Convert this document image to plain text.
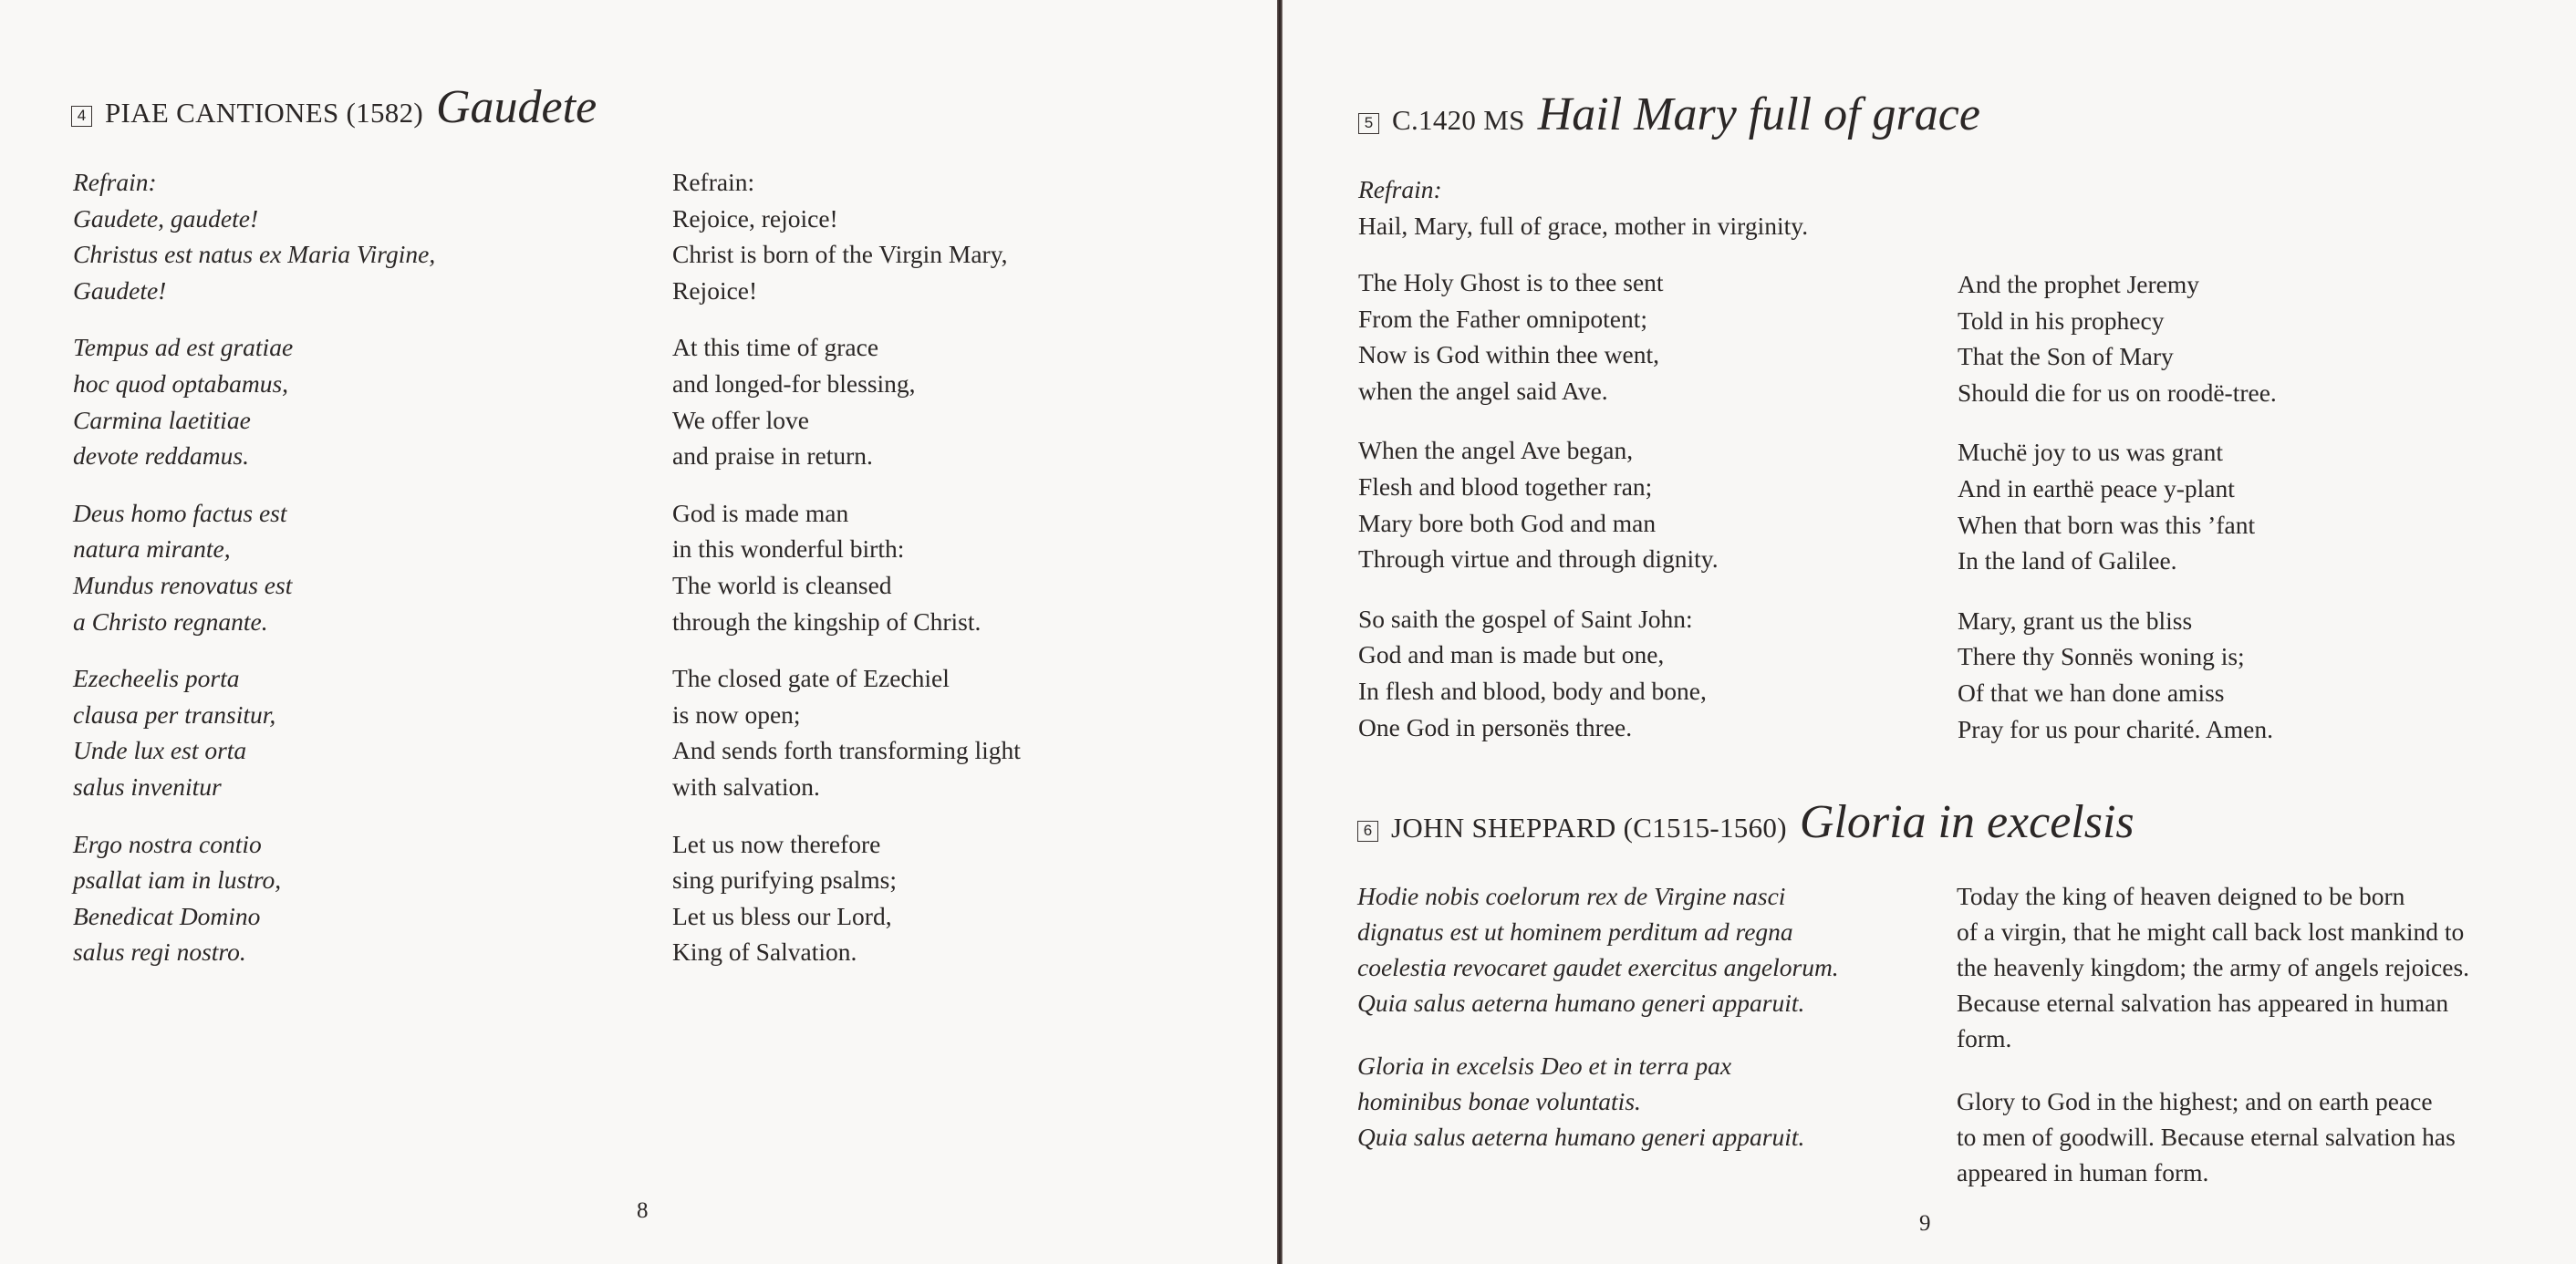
4 PIAE CANTIONES (1582) Gaudete
Refrain:
Gaudete, gaudete!
Christus est natus ex Maria Virgine,
Gaudete!
Tempus ad est gratiae
hoc quod optabamus,
Carmina laetitiae
devote reddamus.
Deus homo factus est
natura mirante,
Mundus renovatus est
a Christo regnante.
Ezecheelis porta
clausa per transitur,
Unde lux est orta
salus invenitur
Ergo nostra contio
psallat iam in lustro,
Benedicat Domino
salus regi nostro.
Refrain:
Rejoice, rejoice!
Christ is born of the Virgin Mary,
Rejoice!
At this time of grace
and longed-for blessing,
We offer love
and praise in return.
God is made man
in this wonderful birth:
The world is cleansed
through the kingship of Christ.
The closed gate of Ezechiel
is now open;
And sends forth transforming light
with salvation.
Let us now therefore
sing purifying psalms;
Let us bless our Lord,
King of Salvation.
8
5 C.1420 MS Hail Mary full of grace
Refrain:
Hail, Mary, full of grace, mother in virginity.
The Holy Ghost is to thee sent
From the Father omnipotent;
Now is God within thee went,
when the angel said Ave.
When the angel Ave began,
Flesh and blood together ran;
Mary bore both God and man
Through virtue and through dignity.
So saith the gospel of Saint John:
God and man is made but one,
In flesh and blood, body and bone,
One God in personës three.
And the prophet Jeremy
Told in his prophecy
That the Son of Mary
Should die for us on roodë-tree.
Muchë joy to us was grant
And in earthë peace y-plant
When that born was this ’fant
In the land of Galilee.
Mary, grant us the bliss
There thy Sonnës woning is;
Of that we han done amiss
Pray for us pour charité. Amen.
6 JOHN SHEPPARD (C1515-1560) Gloria in excelsis
Hodie nobis coelorum rex de Virgine nasci
dignatus est ut hominem perditum ad regna
coelestia revocaret gaudet exercitus angelorum.
Quia salus aeterna humano generi apparuit.
Gloria in excelsis Deo et in terra pax
hominibus bonae voluntatis.
Quia salus aeterna humano generi apparuit.
Today the king of heaven deigned to be born
of a virgin, that he might call back lost mankind to
the heavenly kingdom; the army of angels rejoices.
Because eternal salvation has appeared in human
form.
Glory to God in the highest; and on earth peace
to men of goodwill. Because eternal salvation has
appeared in human form.
9
